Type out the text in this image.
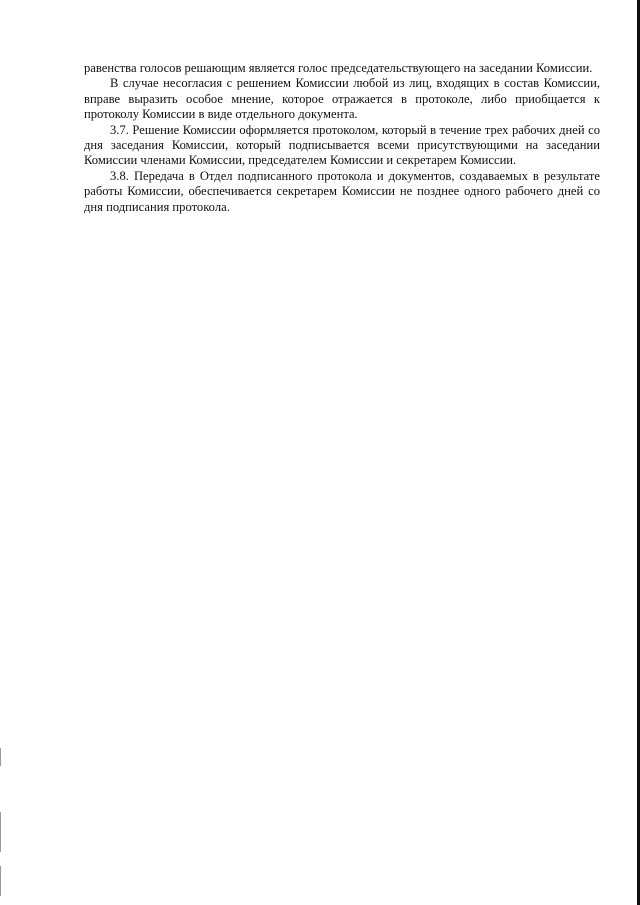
равенства голосов решающим является голос председательствующего на заседании Комиссии.

В случае несогласия с решением Комиссии любой из лиц, входящих в состав Комиссии, вправе выразить особое мнение, которое отражается в протоколе, либо приобщается к протоколу Комиссии в виде отдельного документа.

3.7. Решение Комиссии оформляется протоколом, который в течение трех рабочих дней со дня заседания Комиссии, который подписывается всеми присутствующими на заседании Комиссии членами Комиссии, председателем Комиссии и секретарем Комиссии.

3.8. Передача в Отдел подписанного протокола и документов, создаваемых в результате работы Комиссии, обеспечивается секретарем Комиссии не позднее одного рабочего дней со дня подписания протокола.
